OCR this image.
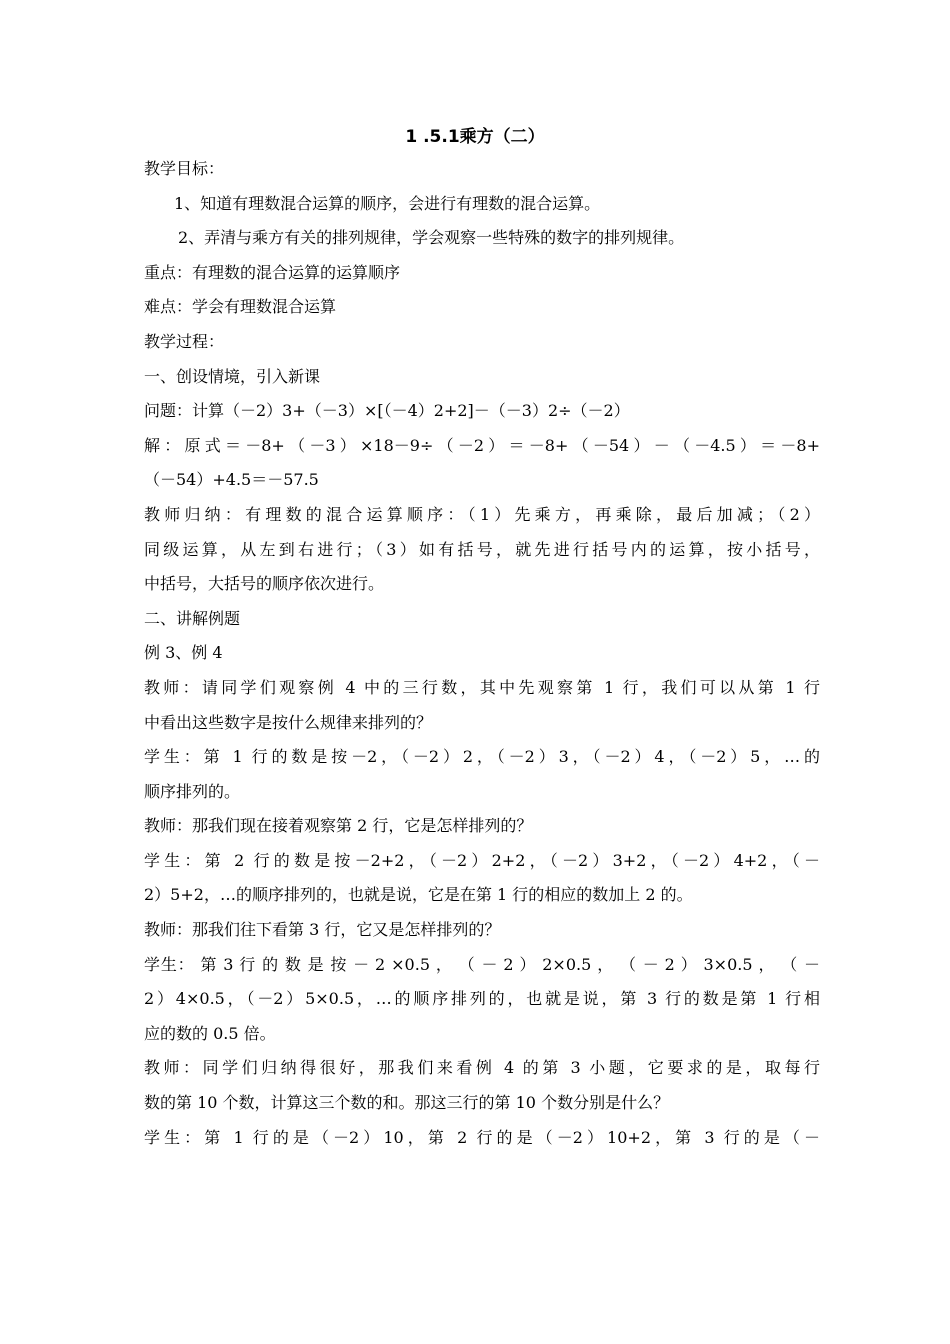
1 .5.1乘方（二）
教学目标：
1、知道有理数混合运算的顺序，会进行有理数的混合运算。
2、弄清与乘方有关的排列规律，学会观察一些特殊的数字的排列规律。
重点：有理数的混合运算的运算顺序
难点：学会有理数混合运算
教学过程：
一、创设情境，引入新课
问题：计算（－2）3+（－3）×[（－4）2+2]－（－3）2÷（－2）
解：原式＝－8+（－3）×18－9÷（－2）＝－8+（－54）－（－4.5）＝－8+
（－54）+4.5＝－57.5
教师归纳：有理数的混合运算顺序：（1）先乘方，再乘除，最后加减；（2）
同级运算，从左到右进行；（3）如有括号，就先进行括号内的运算，按小括号，
中括号，大括号的顺序依次进行。
二、讲解例题
例 3、例 4
教师：请同学们观察例 4 中的三行数，其中先观察第 1 行，我们可以从第 1 行
中看出这些数字是按什么规律来排列的？
学生：第 1 行的数是按－2，（－2）2，（－2）3，（－2）4，（－2）5，…的
顺序排列的。
教师：那我们现在接着观察第 2 行，它是怎样排列的？
学生：第 2 行的数是按－2+2，（－2）2+2，（－2）3+2，（－2）4+2，（－
2）5+2，…的顺序排列的，也就是说，它是在第 1 行的相应的数加上 2 的。
教师：那我们往下看第 3 行，它又是怎样排列的？
学生： 第 3 行 的 数 是 按 － 2 ×0.5 ， （ － 2 ） 2×0.5 ， （ － 2 ） 3×0.5 ， （ －
2）4×0.5，（－2）5×0.5，…的顺序排列的，也就是说，第 3 行的数是第 1 行相
应的数的 0.5 倍。
教师：同学们归纳得很好，那我们来看例 4 的第 3 小题，它要求的是，取每行
数的第 10 个数，计算这三个数的和。那这三行的第 10 个数分别是什么？
学生：第 1 行的是（－2）10，第 2 行的是（－2）10+2，第 3 行的是（－
